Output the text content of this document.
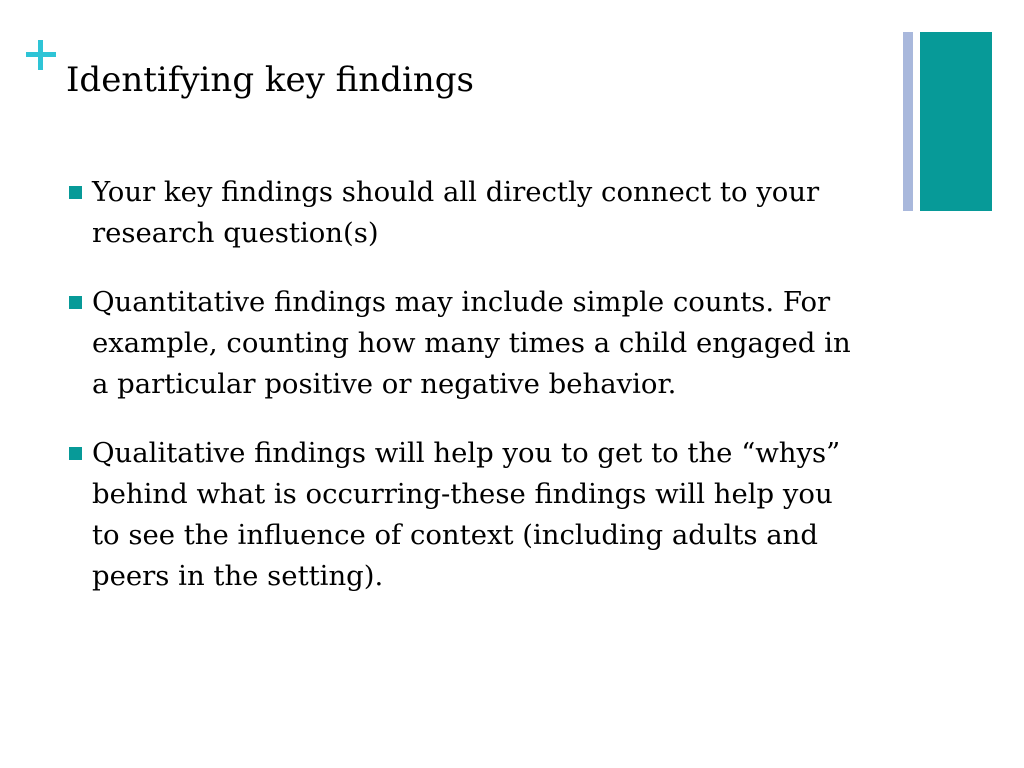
Identifying key findings
Your key findings should all directly connect to your research question(s)
Quantitative findings may include simple counts. For example, counting how many times a child engaged in a particular positive or negative behavior.
Qualitative findings will help you to get to the “whys” behind what is occurring-these findings will help you to see the influence of context (including adults and peers in the setting).
